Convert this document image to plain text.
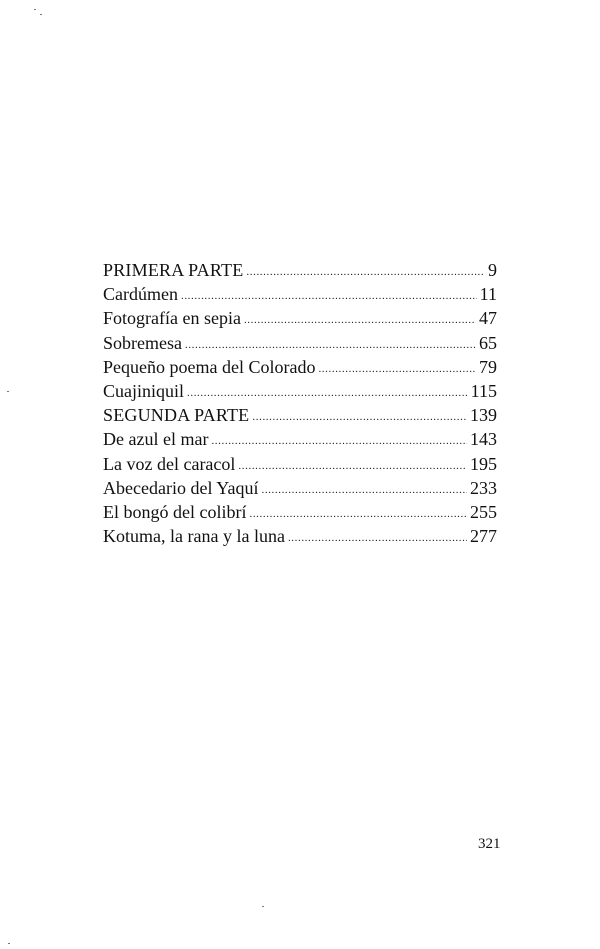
PRIMERA PARTE .....	9
Cardúmen .....	11
Fotografía en sepia .....	47
Sobremesa .....	65
Pequeño poema del Colorado .....	79
Cuajiniquil .....	115
SEGUNDA PARTE .....	139
De azul el mar .....	143
La voz del caracol .....	195
Abecedario del Yaquí .....	233
El bongó del colibrí .....	255
Kotuma, la rana y la luna .....	277
321
